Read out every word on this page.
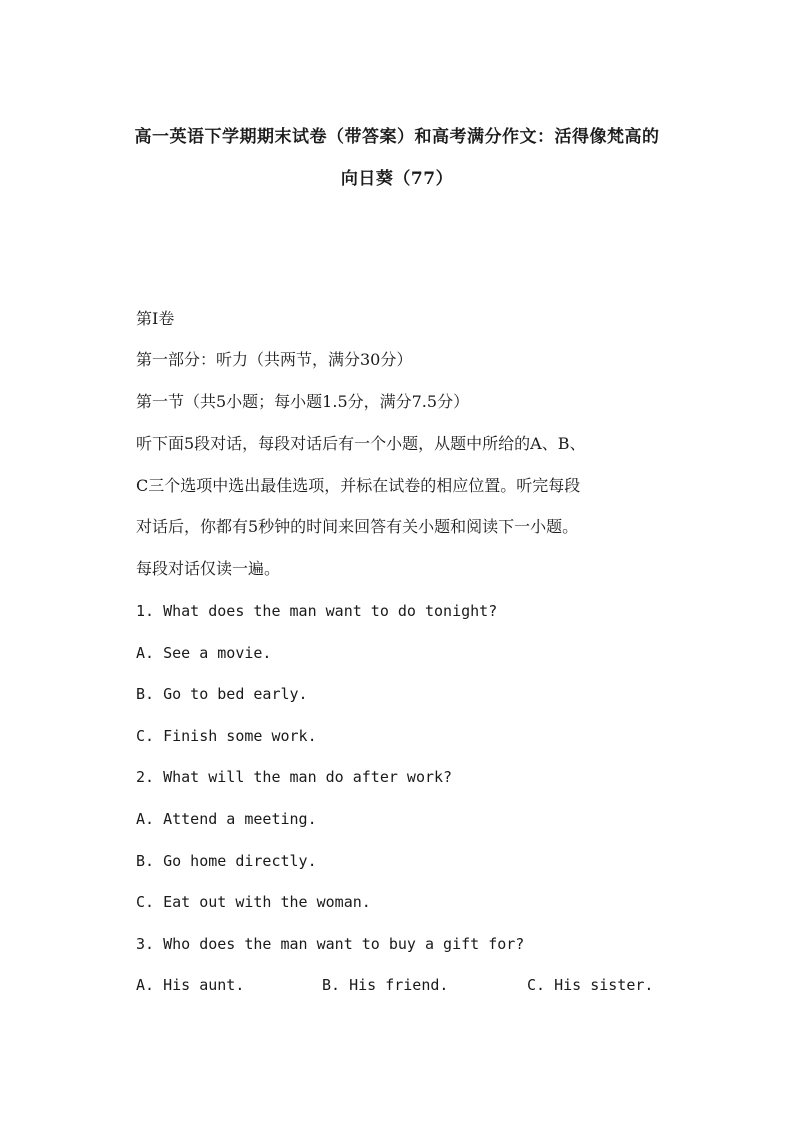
高一英语下学期期末试卷（带答案）和高考满分作文：活得像梵高的
向日葵（77）
第Ⅰ卷
第一部分：听力（共两节，满分30分）
第一节（共5小题；每小题1.5分，满分7.5分）
听下面5段对话，每段对话后有一个小题，从题中所给的A、B、
C三个选项中选出最佳选项，并标在试卷的相应位置。听完每段
对话后，你都有5秒钟的时间来回答有关小题和阅读下一小题。
每段对话仅读一遍。
1. What does the man want to do tonight?
A. See a movie.
B. Go to bed early.
C. Finish some work.
2. What will the man do after work?
A. Attend a meeting.
B. Go home directly.
C. Eat out with the woman.
3. Who does the man want to buy a gift for?
A. His aunt.	B. His friend.	C. His sister.
